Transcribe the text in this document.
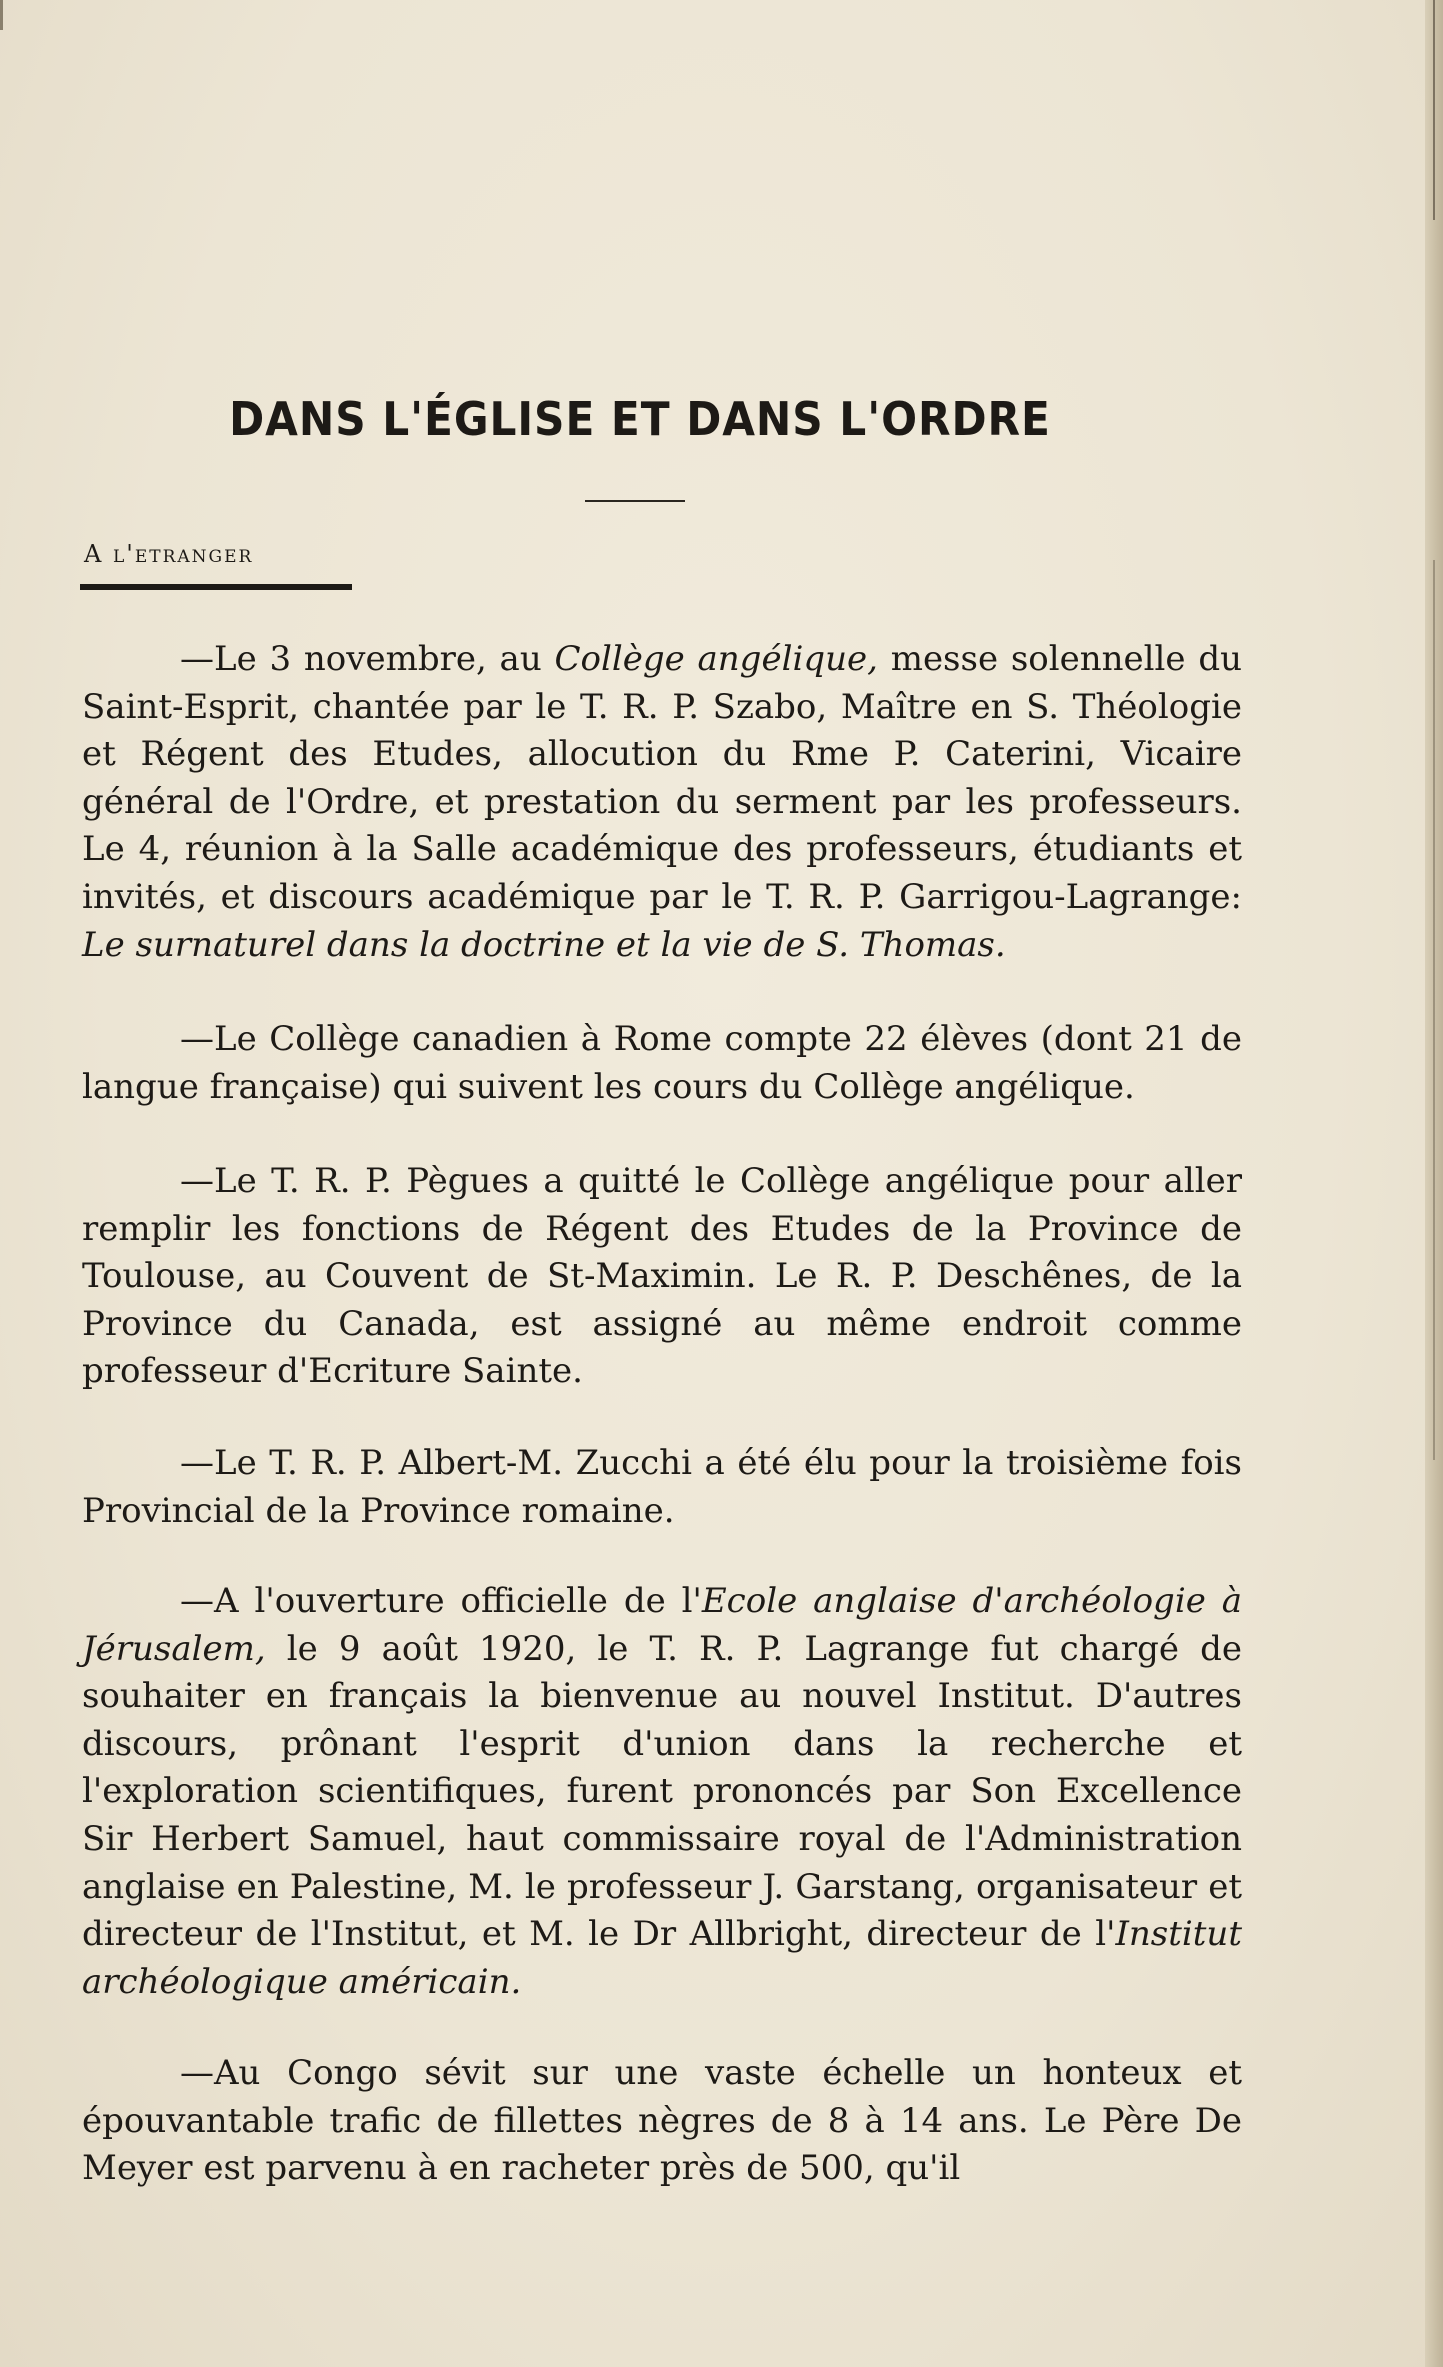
DANS L'ÉGLISE ET DANS L'ORDRE
A l'etranger

—Le 3 novembre, au Collège angélique, messe solennelle du Saint-Esprit, chantée par le T. R. P. Szabo, Maître en S. Théologie et Régent des Etudes, allocution du Rme P. Caterini, Vicaire général de l'Ordre, et prestation du serment par les professeurs. Le 4, réunion à la Salle académique des professeurs, étudiants et invités, et discours académique par le T. R. P. Garrigou-Lagrange: Le surnaturel dans la doctrine et la vie de S. Thomas.

—Le Collège canadien à Rome compte 22 élèves (dont 21 de langue française) qui suivent les cours du Collège angélique.

—Le T. R. P. Pègues a quitté le Collège angélique pour aller remplir les fonctions de Régent des Etudes de la Province de Toulouse, au Couvent de St-Maximin. Le R. P. Deschênes, de la Province du Canada, est assigné au même endroit comme professeur d'Ecriture Sainte.

—Le T. R. P. Albert-M. Zucchi a été élu pour la troisième fois Provincial de la Province romaine.

—A l'ouverture officielle de l'Ecole anglaise d'archéologie à Jérusalem, le 9 août 1920, le T. R. P. Lagrange fut chargé de souhaiter en français la bienvenue au nouvel Institut. D'autres discours, prônant l'esprit d'union dans la recherche et l'exploration scientifiques, furent prononcés par Son Excellence Sir Herbert Samuel, haut commissaire royal de l'Administration anglaise en Palestine, M. le professeur J. Garstang, organisateur et directeur de l'Institut, et M. le Dr Allbright, directeur de l'Institut archéologique américain.

—Au Congo sévit sur une vaste échelle un honteux et épouvantable trafic de fillettes nègres de 8 à 14 ans. Le Père De Meyer est parvenu à en racheter près de 500, qu'il
